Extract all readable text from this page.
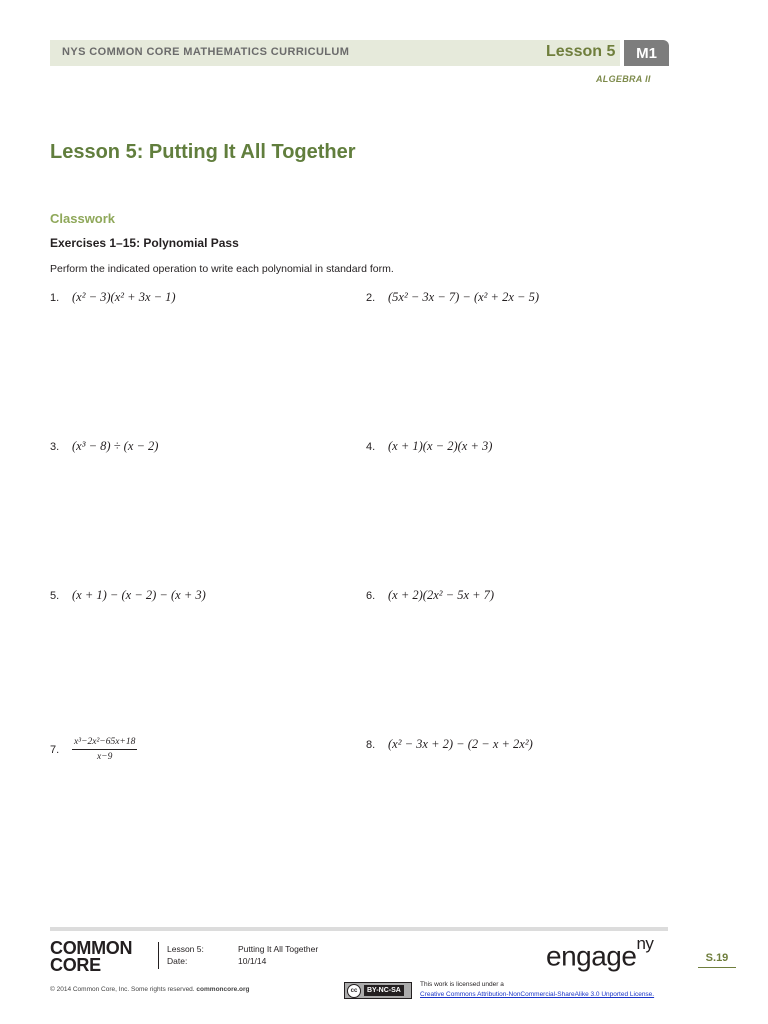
NYS COMMON CORE MATHEMATICS CURRICULUM	Lesson 5	M1
ALGEBRA II
Lesson 5: Putting It All Together
Classwork
Exercises 1–15: Polynomial Pass
Perform the indicated operation to write each polynomial in standard form.
1.	(x² − 3)(x² + 3x − 1)	2.	(5x² − 3x − 7) − (x² + 2x − 5)
3.	(x³ − 8) ÷ (x − 2)	4.	(x + 1)(x − 2)(x + 3)
5.	(x + 1) − (x − 2) − (x + 3)	6.	(x + 2)(2x² − 5x + 7)
7.	$\frac{\text{x³−2x²−65x+18}}{x-9}$	8.	(x² − 3x + 2) − (2 − x + 2x²)
COMMON
CORE
Lesson 5:	Putting It All Together
Date:	10/1/14	engage$^{ny}$
S.19
© 2014 Common Core, Inc. Some rights reserved. commoncore.org	cc	BY-NC-SA
This work is licensed under a
Creative Commons Attribution-NonCommercial-ShareAlike 3.0 Unported License.
